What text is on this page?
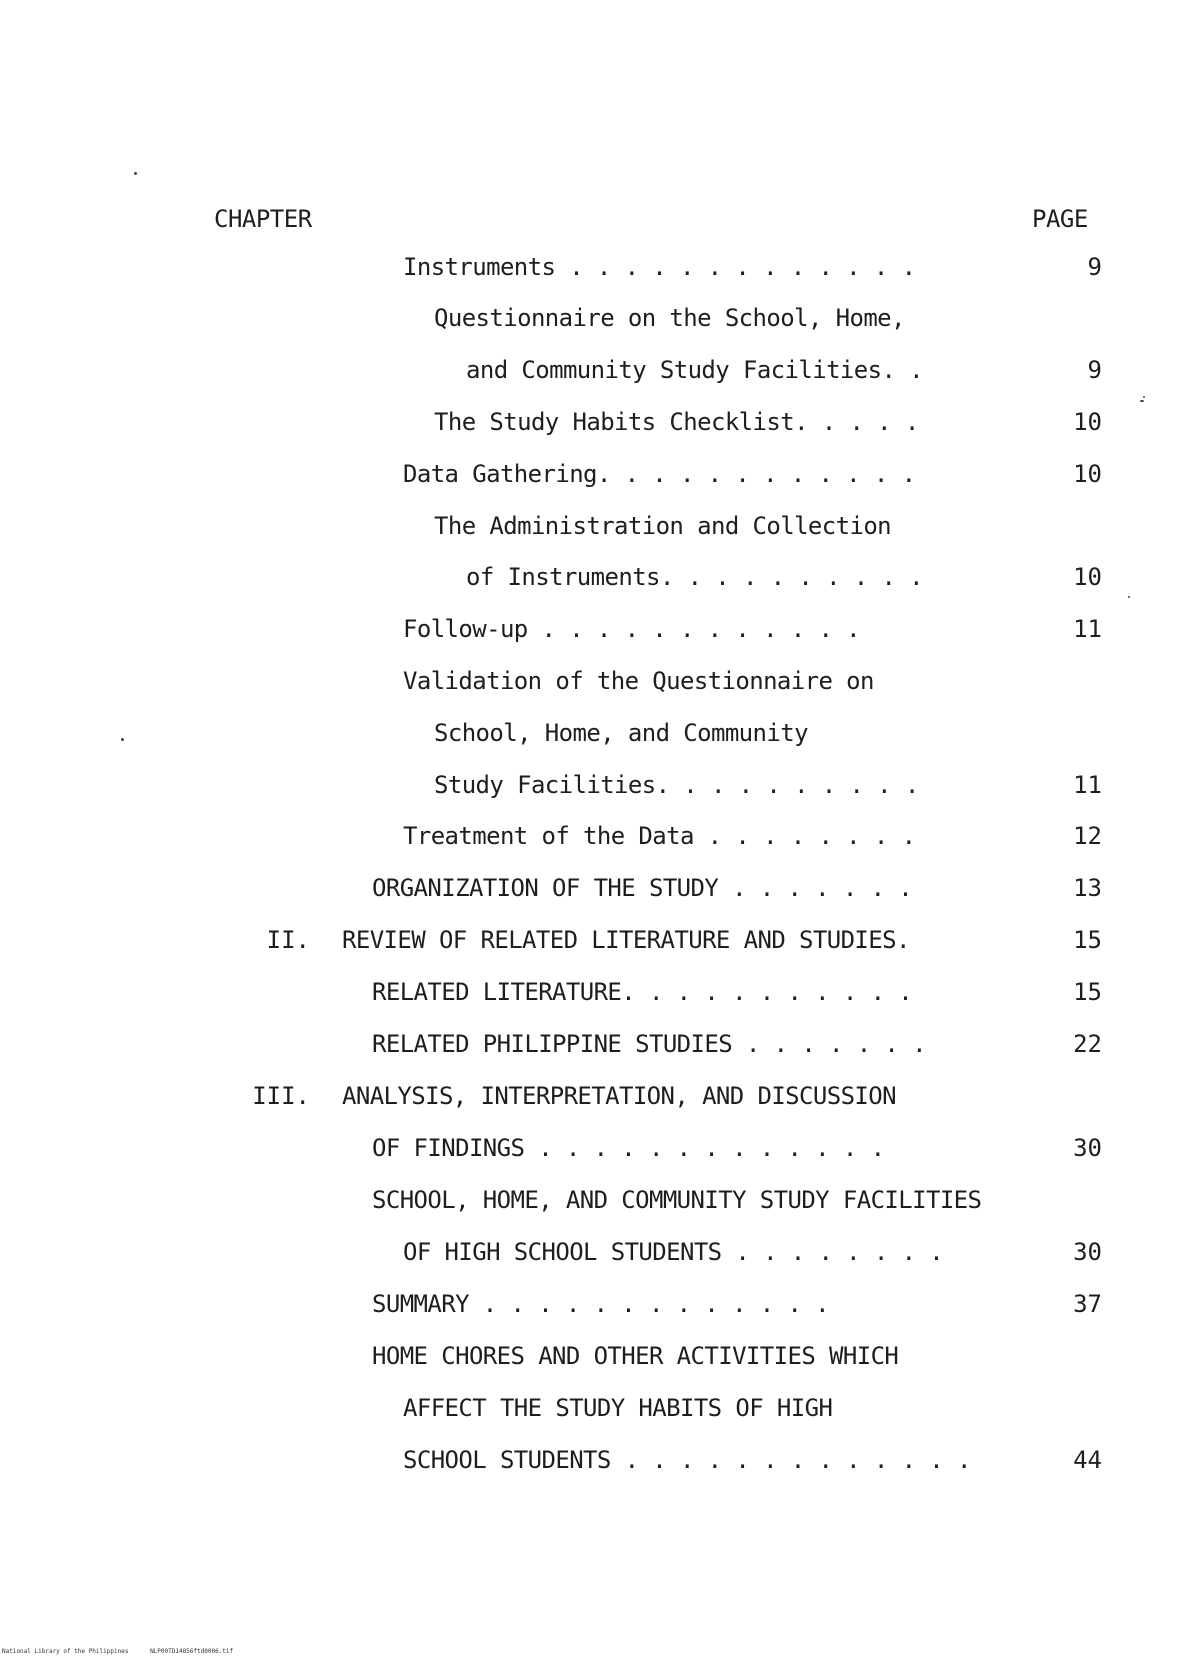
CHAPTER	PAGE
Instruments . . . . . . . . . . . . .	9
Questionnaire on the School, Home,
and Community Study Facilities. .	9
The Study Habits Checklist. . . . .	10
Data Gathering. . . . . . . . . . . .	10
The Administration and Collection
of Instruments. . . . . . . . . .	10
Follow-up . . . . . . . . . . . .	11
Validation of the Questionnaire on
School, Home, and Community
Study Facilities. . . . . . . . . .	11
Treatment of the Data . . . . . . . .	12
ORGANIZATION OF THE STUDY . . . . . . .	13
II. REVIEW OF RELATED LITERATURE AND STUDIES.	15
RELATED LITERATURE. . . . . . . . . . .	15
RELATED PHILIPPINE STUDIES . . . . . . .	22
III. ANALYSIS, INTERPRETATION, AND DISCUSSION
OF FINDINGS . . . . . . . . . . . . .	30
SCHOOL, HOME, AND COMMUNITY STUDY FACILITIES
OF HIGH SCHOOL STUDENTS . . . . . . . .	30
SUMMARY . . . . . . . . . . . . .	37
HOME CHORES AND OTHER ACTIVITIES WHICH
AFFECT THE STUDY HABITS OF HIGH
SCHOOL STUDENTS . . . . . . . . . . . . .	44
National Library of the Philippines	NLP00TD14856ftd0006.tif
